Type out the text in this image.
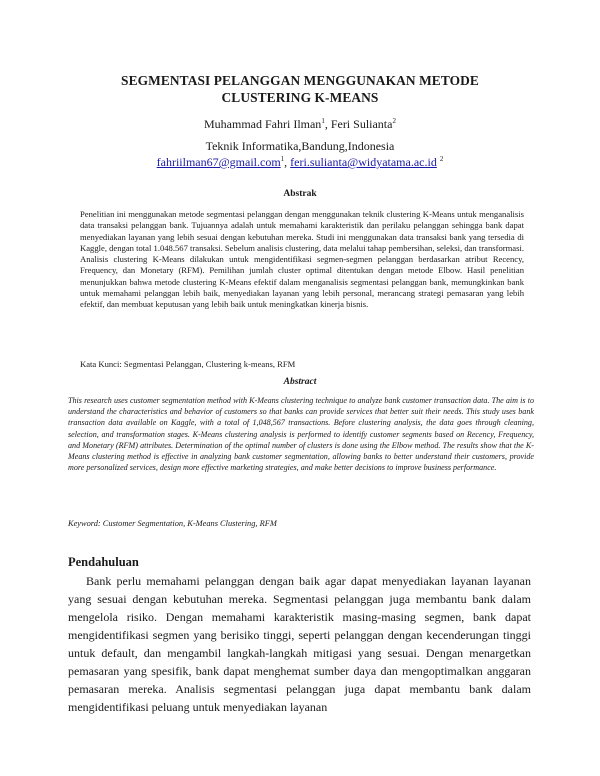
SEGMENTASI PELANGGAN MENGGUNAKAN METODE
CLUSTERING K-MEANS
Muhammad Fahri Ilman$^1$, Feri Sulianta$^2$
Teknik Informatika,Bandung,Indonesia
fahriilman67@gmail.com$^1$, feri.sulianta@widyatama.ac.id $^2$
Abstrak

Penelitian ini menggunakan metode segmentasi pelanggan dengan menggunakan teknik clustering K-Means untuk menganalisis data transaksi pelanggan bank. Tujuannya adalah untuk memahami karakteristik dan perilaku pelanggan sehingga bank dapat menyediakan layanan yang lebih sesuai dengan kebutuhan mereka. Studi ini menggunakan data transaksi bank yang tersedia di Kaggle, dengan total 1.048.567 transaksi. Sebelum analisis clustering, data melalui tahap pembersihan, seleksi, dan transformasi. Analisis clustering K-Means dilakukan untuk mengidentifikasi segmen-segmen pelanggan berdasarkan atribut Recency, Frequency, dan Monetary (RFM). Pemilihan jumlah cluster optimal ditentukan dengan metode Elbow. Hasil penelitian menunjukkan bahwa metode clustering K-Means efektif dalam menganalisis segmentasi pelanggan bank, memungkinkan bank untuk memahami pelanggan lebih baik, menyediakan layanan yang lebih personal, merancang strategi pemasaran yang lebih efektif, dan membuat keputusan yang lebih baik untuk meningkatkan kinerja bisnis.

Kata Kunci: Segmentasi Pelanggan, Clustering k-means, RFM
Abstract

This research uses customer segmentation method with K-Means clustering technique to analyze bank customer transaction data. The aim is to understand the characteristics and behavior of customers so that banks can provide services that better suit their needs. This study uses bank transaction data available on Kaggle, with a total of 1,048,567 transactions. Before clustering analysis, the data goes through cleaning, selection, and transformation stages. K-Means clustering analysis is performed to identify customer segments based on Recency, Frequency, and Monetary (RFM) attributes. Determination of the optimal number of clusters is done using the Elbow method. The results show that the K-Means clustering method is effective in analyzing bank customer segmentation, allowing banks to better understand their customers, provide more personalized services, design more effective marketing strategies, and make better decisions to improve business performance.

Keyword: Customer Segmentation, K-Means Clustering, RFM
Pendahuluan

Bank perlu memahami pelanggan dengan baik agar dapat menyediakan layanan layanan yang sesuai dengan kebutuhan mereka. Segmentasi pelanggan juga membantu bank dalam mengelola risiko. Dengan memahami karakteristik masing-masing segmen, bank dapat mengidentifikasi segmen yang berisiko tinggi, seperti pelanggan dengan kecenderungan tinggi untuk default, dan mengambil langkah-langkah mitigasi yang sesuai. Dengan menargetkan pemasaran yang spesifik, bank dapat menghemat sumber daya dan mengoptimalkan anggaran pemasaran mereka. Analisis segmentasi pelanggan juga dapat membantu bank dalam mengidentifikasi peluang untuk menyediakan layanan
